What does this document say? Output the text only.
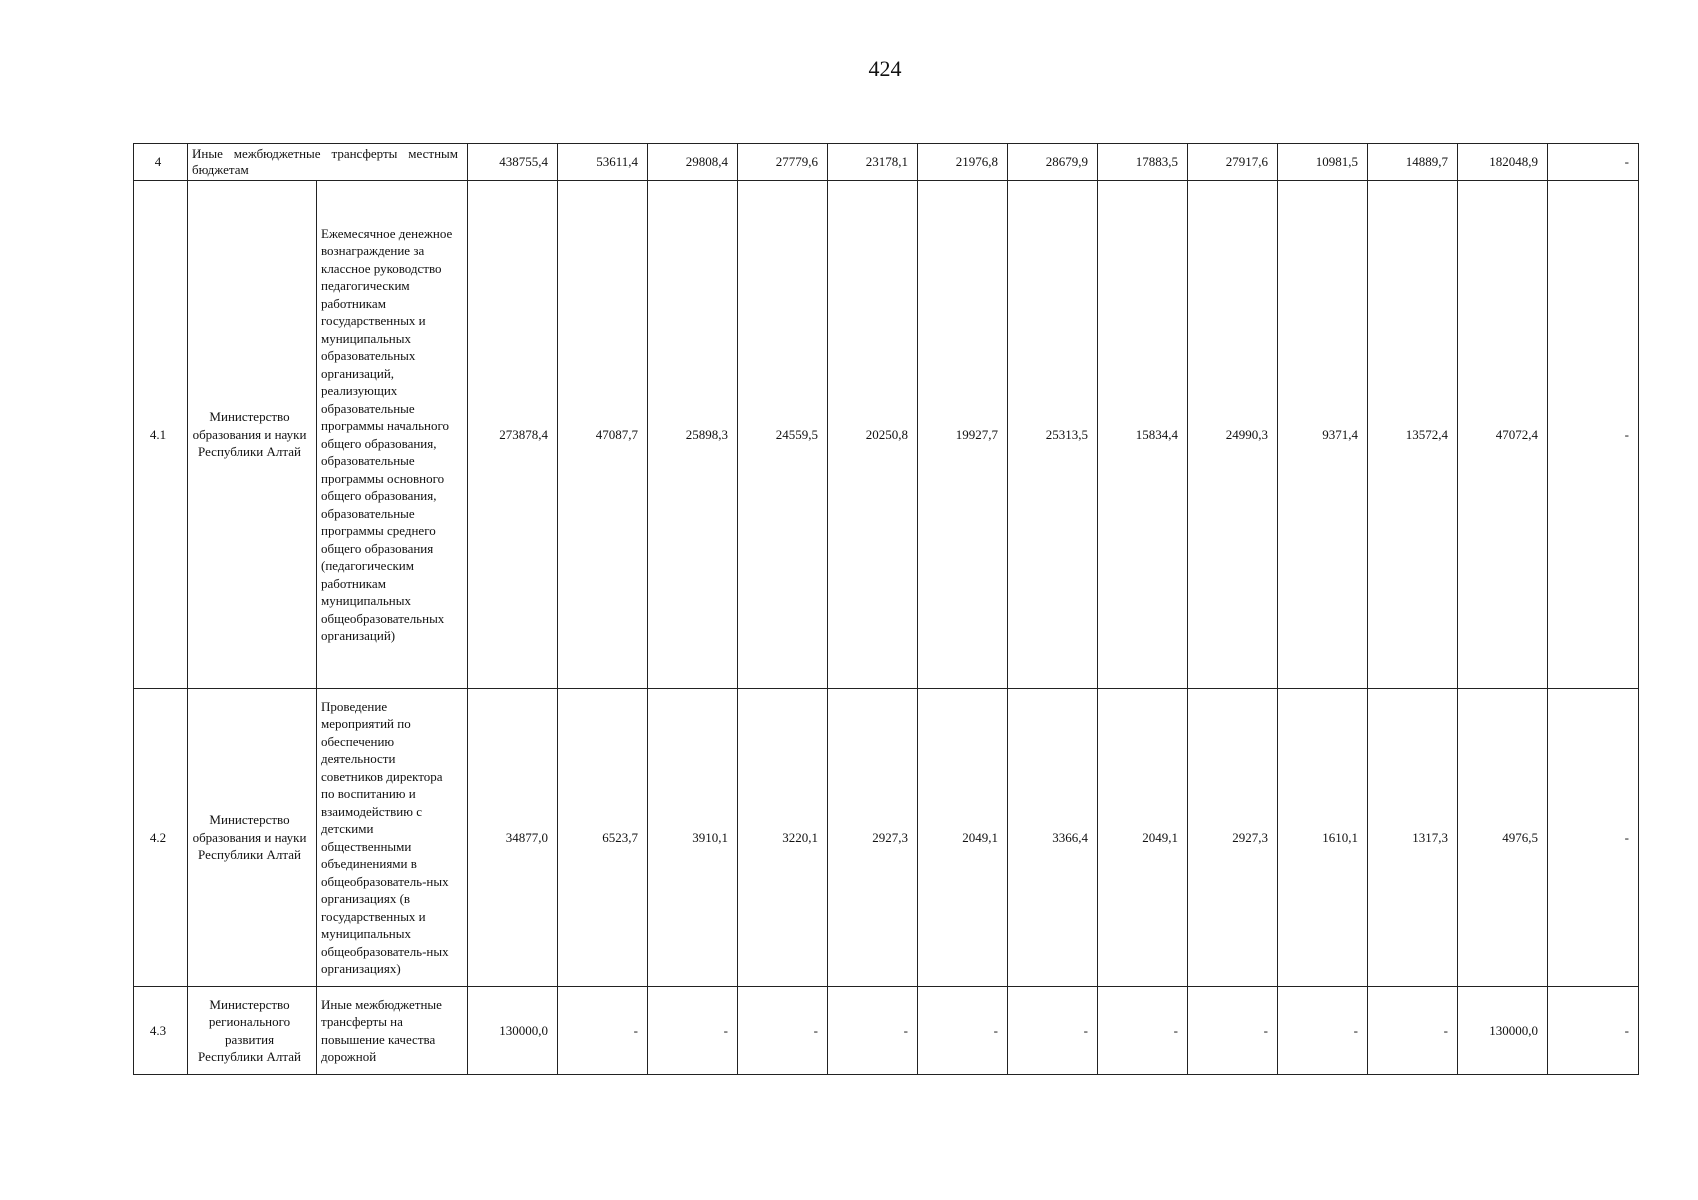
424
4	Иные межбюджетные трансферты местным бюджетам		438755,4	53611,4	29808,4	27779,6	23178,1	21976,8	28679,9	17883,5	27917,6	10981,5	14889,7	182048,9	-
4.1	Министерство образования и науки Республики Алтай	Ежемесячное денежное вознаграждение за классное руководство педагогическим работникам государственных и муниципальных образовательных организаций, реализующих образовательные программы начального общего образования, образовательные программы основного общего образования, образовательные программы среднего общего образования (педагогическим работникам муниципальных общеобразовательных организаций)	273878,4	47087,7	25898,3	24559,5	20250,8	19927,7	25313,5	15834,4	24990,3	9371,4	13572,4	47072,4	-
4.2	Министерство образования и науки Республики Алтай	Проведение мероприятий по обеспечению деятельности советников директора по воспитанию и взаимодействию с детскими общественными объединениями в общеобразователь-ных организациях (в государственных и муниципальных общеобразователь-ных организациях)	34877,0	6523,7	3910,1	3220,1	2927,3	2049,1	3366,4	2049,1	2927,3	1610,1	1317,3	4976,5	-
4.3	Министерство регионального развития Республики Алтай	Иные межбюджетные трансферты на повышение качества дорожной	130000,0	-	-	-	-	-	-	-	-	-	-	130000,0	-
